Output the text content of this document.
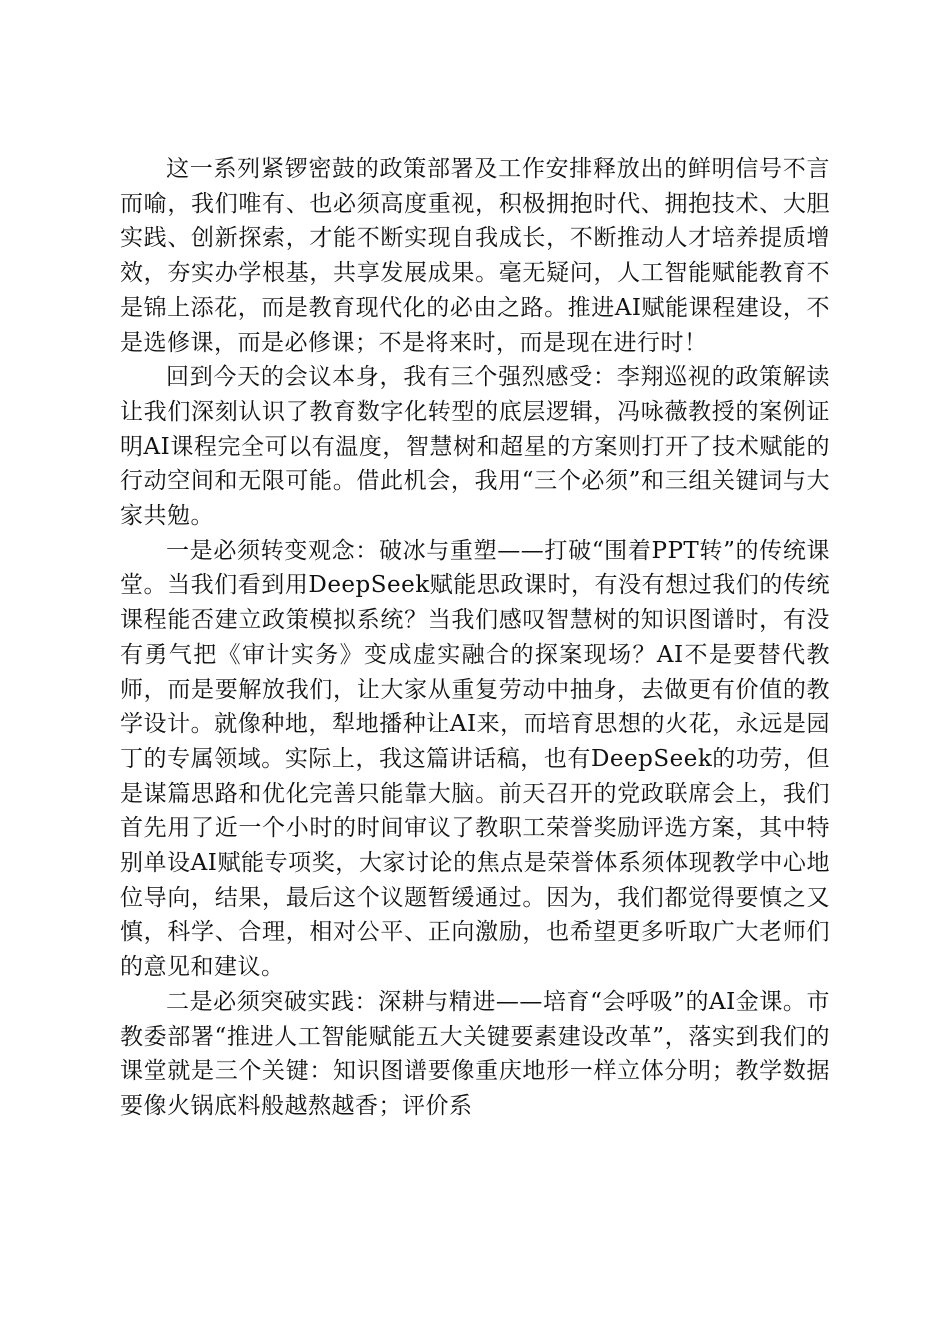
这一系列紧锣密鼓的政策部署及工作安排释放出的鲜明信号不言而喻，我们唯有、也必须高度重视，积极拥抱时代、拥抱技术、大胆实践、创新探索，才能不断实现自我成长，不断推动人才培养提质增效，夯实办学根基，共享发展成果。毫无疑问，人工智能赋能教育不是锦上添花，而是教育现代化的必由之路。推进AI赋能课程建设，不是选修课，而是必修课；不是将来时，而是现在进行时！

回到今天的会议本身，我有三个强烈感受：李翔巡视的政策解读让我们深刻认识了教育数字化转型的底层逻辑，冯咏薇教授的案例证明AI课程完全可以有温度，智慧树和超星的方案则打开了技术赋能的行动空间和无限可能。借此机会，我用“三个必须”和三组关键词与大家共勉。

一是必须转变观念：破冰与重塑——打破“围着PPT转”的传统课堂。当我们看到用DeepSeek赋能思政课时，有没有想过我们的传统课程能否建立政策模拟系统？当我们感叹智慧树的知识图谱时，有没有勇气把《审计实务》变成虚实融合的探案现场？AI不是要替代教师，而是要解放我们，让大家从重复劳动中抽身，去做更有价值的教学设计。就像种地，犁地播种让AI来，而培育思想的火花，永远是园丁的专属领域。实际上，我这篇讲话稿，也有DeepSeek的功劳，但是谋篇思路和优化完善只能靠大脑。前天召开的党政联席会上，我们首先用了近一个小时的时间审议了教职工荣誉奖励评选方案，其中特别单设AI赋能专项奖，大家讨论的焦点是荣誉体系须体现教学中心地位导向，结果，最后这个议题暂缓通过。因为，我们都觉得要慎之又慎，科学、合理，相对公平、正向激励，也希望更多听取广大老师们的意见和建议。

二是必须突破实践：深耕与精进——培育“会呼吸”的AI金课。市教委部署“推进人工智能赋能五大关键要素建设改革”，落实到我们的课堂就是三个关键：知识图谱要像重庆地形一样立体分明；教学数据要像火锅底料般越熬越香；评价系
